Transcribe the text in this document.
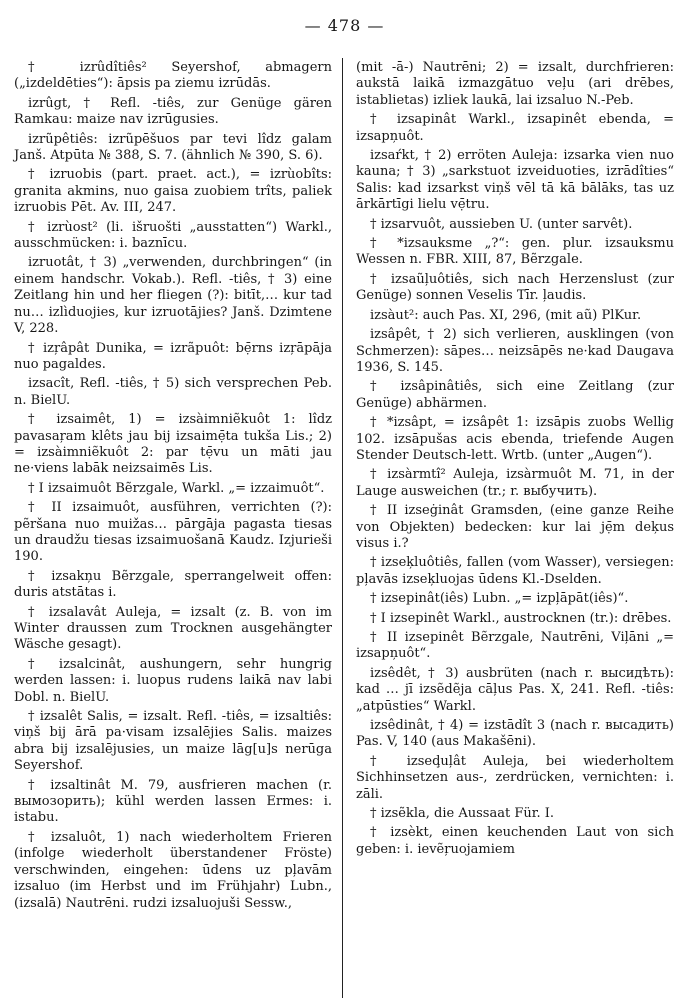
— 478 —

† izrûdîtiês² Seyershof, abmagern („izdeldēties“): āpsis pa ziemu izrūdās.

izrûgt, † Refl. -tiês, zur Genüge gären Ramkau: maize nav izrūgusies.

izrũpêtiês: izrũpēšuos par tevi lîdz galam Janš. Atpūta № 388, S. 7. (ähnlich № 390, S. 6).

† izruobis (part. praet. act.), = izrùobîts: granita akmins, nuo gaisa zuobiem trîts, paliek izruobis Pēt. Av. III, 247.

† izrùost² (li. išruošti „ausstatten“) Warkl., ausschmücken: i. baznīcu.

izruotât, † 3) „verwenden, durchbringen“ (in einem handschr. Vokab.). Refl. -tiês, † 3) eine Zeitlang hin und her fliegen (?): bitīt,… kur tad nu… izlìduojies, kur izruotājies? Janš. Dzimtene V, 228.

† izŗâpât Dunika, = izrãpuôt: bẹ̄rns izŗāpāja nuo pagaldes.

izsacît, Refl. -tiês, † 5) sich versprechen Peb. n. BielU.

† izsaimêt, 1) = izsàimniẽkuôt 1: lîdz pavasaŗam klêts jau bij izsaimẹ̄ta tukša Lis.; 2) = izsàimniẽkuôt 2: par tẹ̄vu un māti jau ne·viens labāk neizsaimēs Lis.

† I izsaimuôt Bẽrzgale, Warkl. „= izzaimuôt“.

† II izsaimuôt, ausführen, verrichten (?): pẽršana nuo muižas… pārgāja pagasta tiesas un draudžu tiesas izsaimuošanā Kaudz. Izjurieši 190.

† izsakņu Bẽrzgale, sperrangelweit offen: duris atstātas i.

† izsalavât Auleja, = izsalt (z. B. von im Winter draussen zum Trocknen ausgehängter Wäsche gesagt).

† izsalcinât, aushungern, sehr hungrig werden lassen: i. luopus rudens laikā nav labi Dobl. n. BielU.

† izsalêt Salis, = izsalt. Refl. -tiês, = izsaltiês: viņš bij ārā pa·visam izsalējies Salis. maizes abra bij izsalējusies, un maize lāg[u]s nerūga Seyershof.

† izsaltinât M. 79, ausfrieren machen (r. вымозорить); kühl werden lassen Ermes: i. istabu.

† izsaluôt, 1) nach wiederholtem Frieren (infolge wiederholt überstandener Fröste) verschwinden, eingehen: ūdens uz pļavām izsaluo (im Herbst und im Frühjahr) Lubn., (izsalā) Nautrēni. rudzi izsaluojuši Sessw.,

(mit -ā-) Nautrēni; 2) = izsalt, durchfrieren: aukstā laikā izmazgātuo veļu (ari drēbes, istablietas) izliek laukā, lai izsaluo N.-Peb.

† izsapinât Warkl., izsapinêt ebenda, = izsapņuôt.

izsaŕkt, † 2) erröten Auleja: izsarka vien nuo kauna; † 3) „sarkstuot izveiduoties, izrādîties“ Salis: kad izsarkst viņš vēl tā kā bālāks, tas uz ārkārtīgi lielu vẹ̄tru.

† izsarvuôt, aussieben U. (unter sarvêt).

† *izsauksme „?“: gen. plur. izsauksmu Wessen n. FBR. XIII, 87, Bẽrzgale.

† izsaũļuôtiês, sich nach Herzenslust (zur Genüge) sonnen Veselis Tīr. ļaudis.

izsàut²: auch Pas. XI, 296, (mit aũ) PlKur.

izsâpêt, † 2) sich verlieren, ausklingen (von Schmerzen): sāpes… neizsāpēs ne·kad Daugava 1936, S. 145.

† izsâpinâtiês, sich eine Zeitlang (zur Genüge) abhärmen.

† *izsâpt, = izsâpêt 1: izsāpis zuobs Wellig 102. izsāpušas acis ebenda, triefende Augen Stender Deutsch-lett. Wrtb. (unter „Augen“).

† izsàrmtî² Auleja, izsàrmuôt M. 71, in der Lauge ausweichen (tr.; r. выбучить).

† II izseġinât Gramsden, (eine ganze Reihe von Objekten) bedecken: kur lai jẹ̄m deķus visus i.?

† izseķluôtiês, fallen (vom Wasser), versiegen: pļavās izseķluojas ūdens Kl.-Dselden.

† izsepinât(iês) Lubn. „= izpļāpāt(iês)“.

† I izsepinêt Warkl., austrocknen (tr.): drēbes.

† II izsepinêt Bẽrzgale, Nautrēni, Viļāni „= izsapņuôt“.

izsêdêt, † 3) ausbrüten (nach r. высидѣть): kad … jī izsẽdẽja cāļus Pas. X, 241. Refl. -tiês: „atpūsties“ Warkl.

izsêdinât, † 4) = izstādît 3 (nach r. высадить) Pas. V, 140 (aus Makašēni).

† izseḑuļât Auleja, bei wiederholtem Sichhinsetzen aus-, zerdrücken, vernichten: i. zāli.

† izsẽkla, die Aussaat Für. I.

† izsèkt, einen keuchenden Laut von sich geben: i. ievẽŗuojamiem
